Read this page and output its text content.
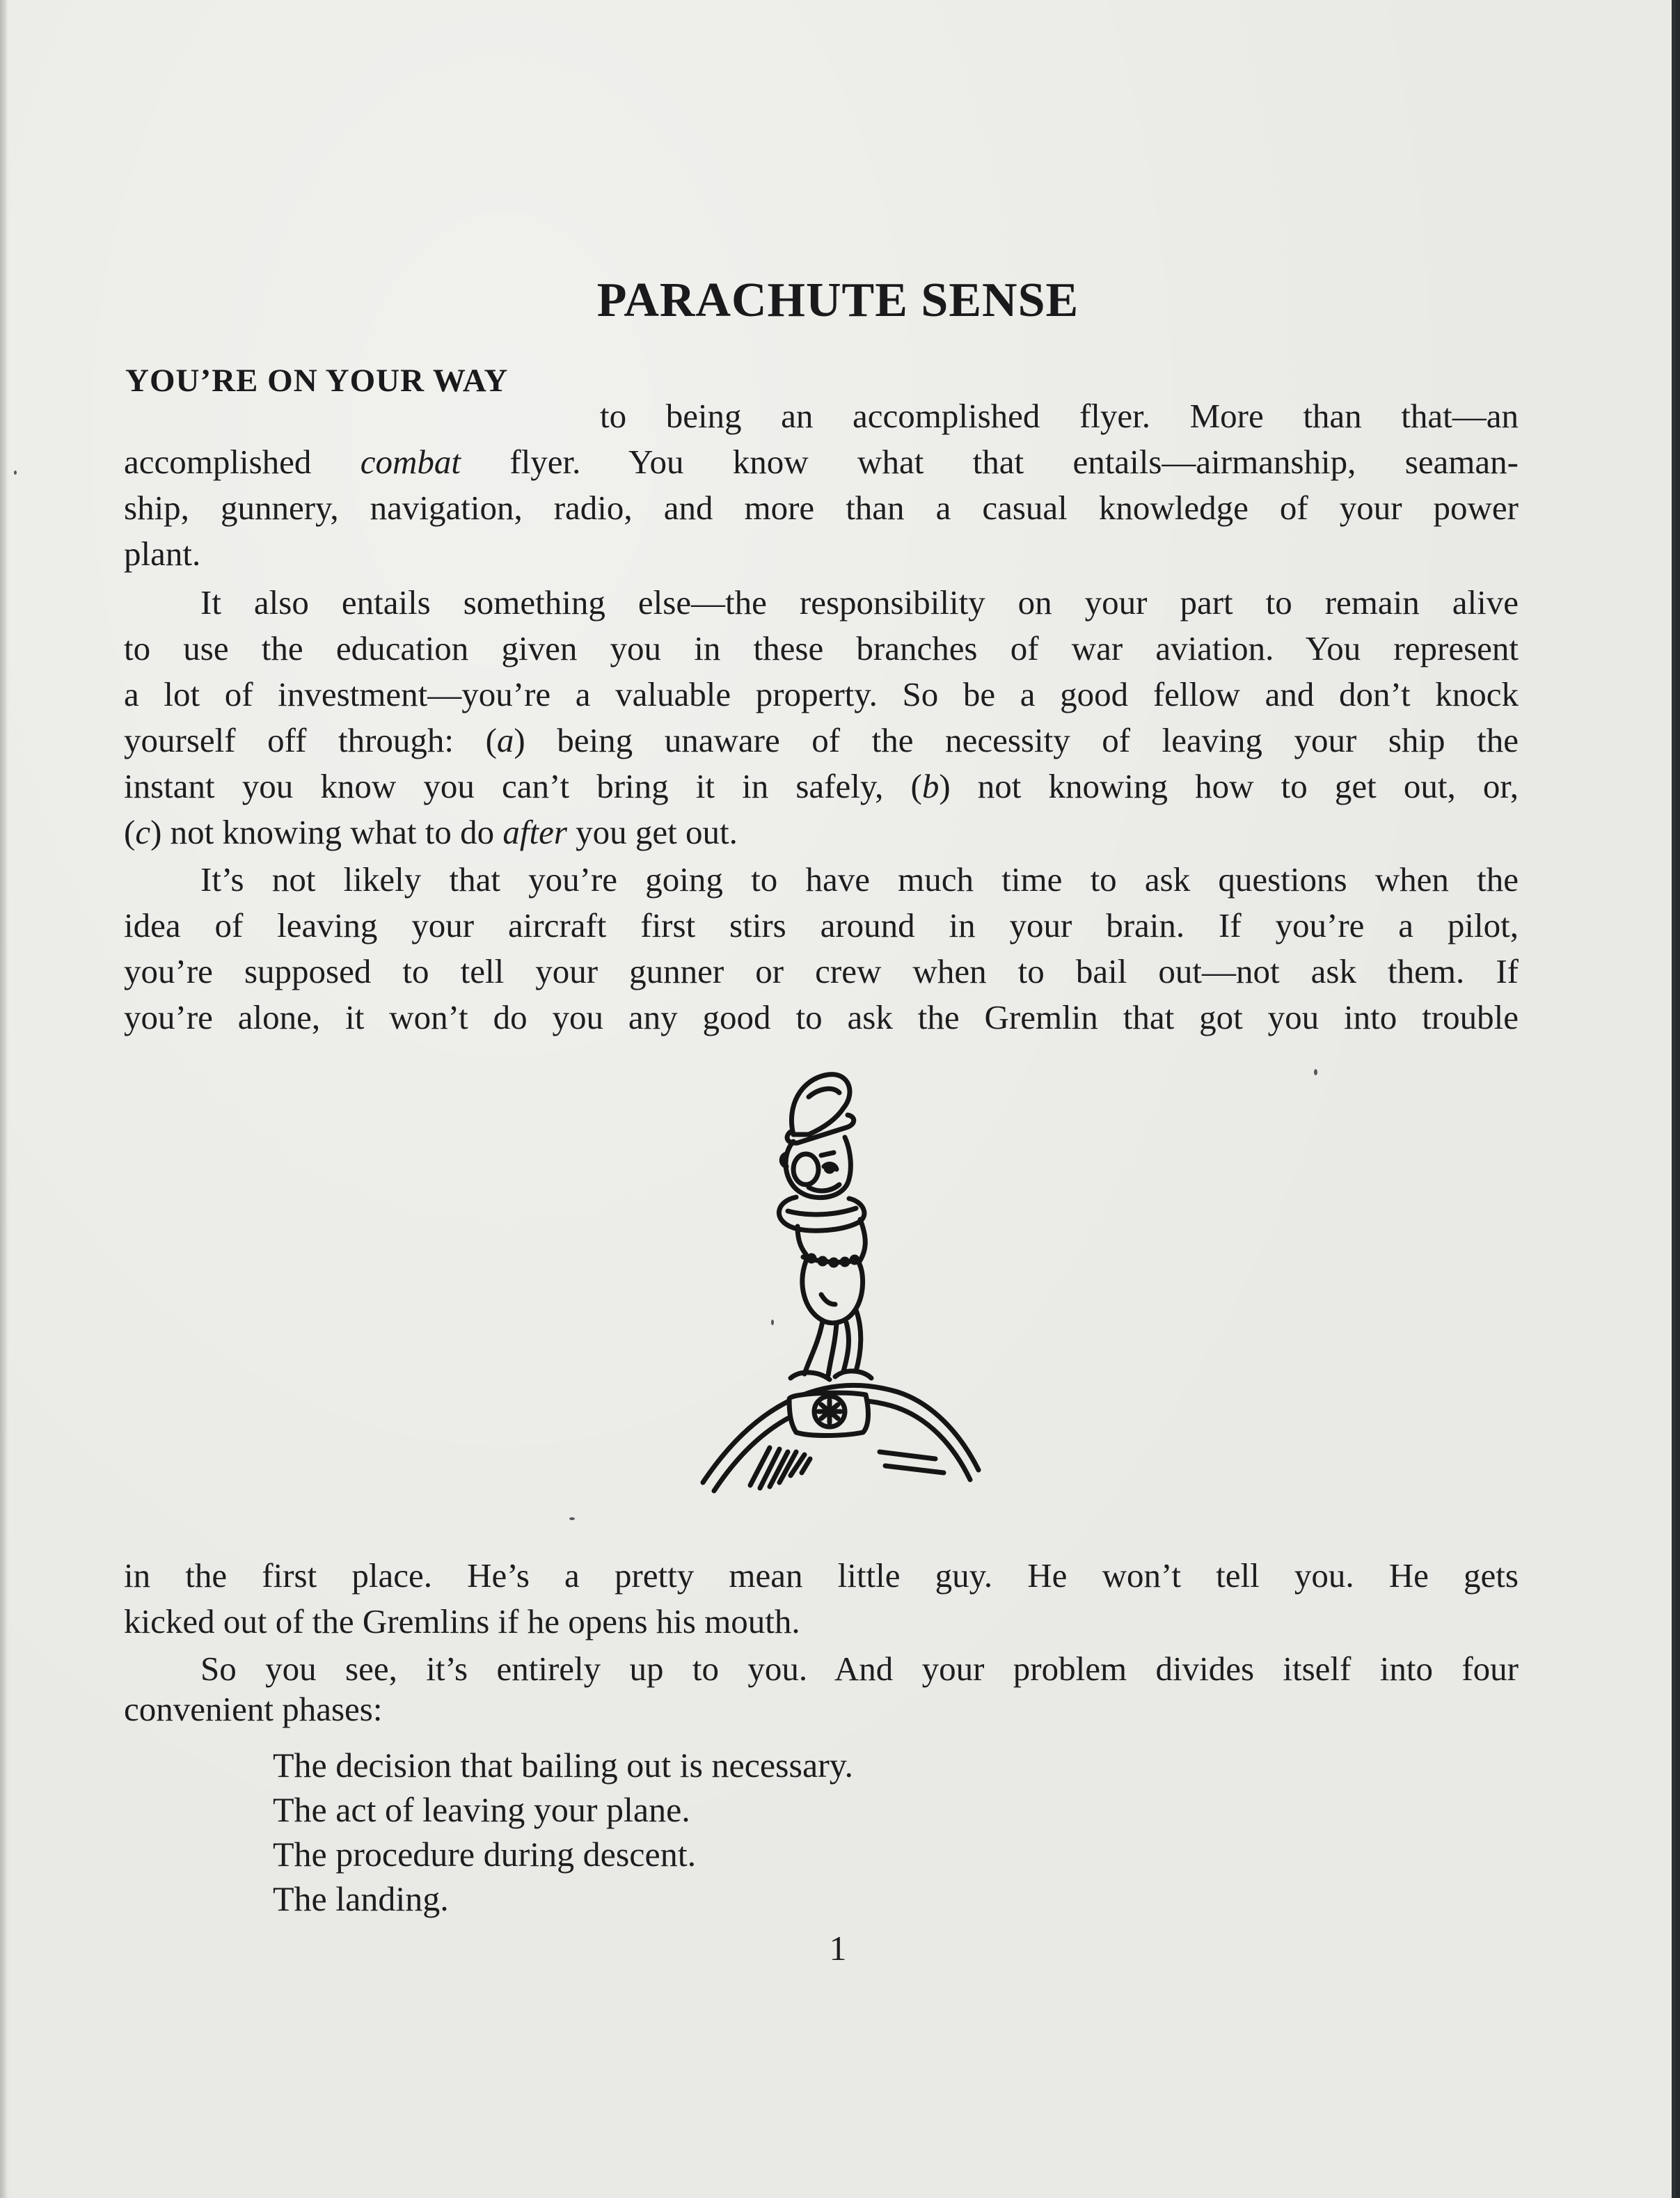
PARACHUTE SENSE
YOU’RE ON YOUR WAY
to being an accomplished flyer. More than that—an
accomplished combat flyer. You know what that entails—airmanship, seaman-
ship, gunnery, navigation, radio, and more than a casual knowledge of your power
plant.
It also entails something else—the responsibility on your part to remain alive
to use the education given you in these branches of war aviation. You represent
a lot of investment—you’re a valuable property. So be a good fellow and don’t knock
yourself off through: (a) being unaware of the necessity of leaving your ship the
instant you know you can’t bring it in safely, (b) not knowing how to get out, or,
(c) not knowing what to do after you get out.
It’s not likely that you’re going to have much time to ask questions when the
idea of leaving your aircraft first stirs around in your brain. If you’re a pilot,
you’re supposed to tell your gunner or crew when to bail out—not ask them. If
you’re alone, it won’t do you any good to ask the Gremlin that got you into trouble
in the first place. He’s a pretty mean little guy. He won’t tell you. He gets
kicked out of the Gremlins if he opens his mouth.
So you see, it’s entirely up to you. And your problem divides itself into four
convenient phases:
The decision that bailing out is necessary.
The act of leaving your plane.
The procedure during descent.
The landing.
1
